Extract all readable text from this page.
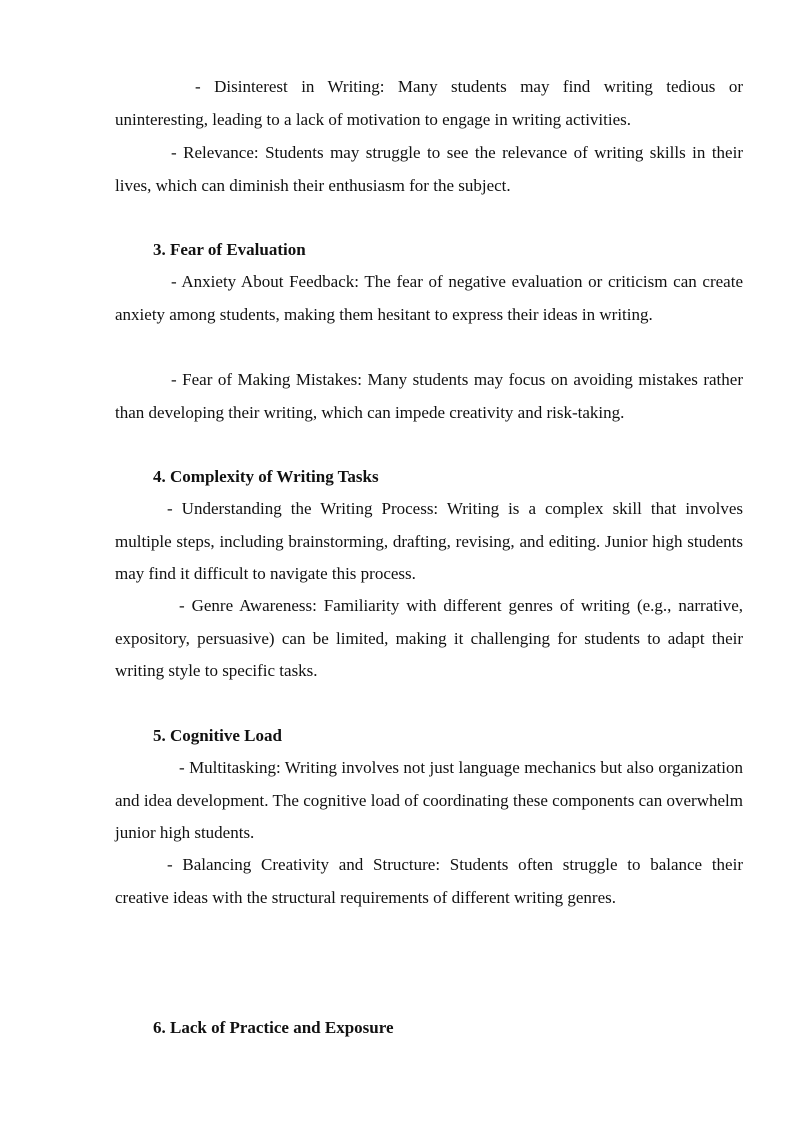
- Disinterest in Writing: Many students may find writing tedious or uninteresting, leading to a lack of motivation to engage in writing activities.

- Relevance: Students may struggle to see the relevance of writing skills in their lives, which can diminish their enthusiasm for the subject.

3. Fear of Evaluation

- Anxiety About Feedback: The fear of negative evaluation or criticism can create anxiety among students, making them hesitant to express their ideas in writing.

- Fear of Making Mistakes: Many students may focus on avoiding mistakes rather than developing their writing, which can impede creativity and risk-taking.

4. Complexity of Writing Tasks

- Understanding the Writing Process: Writing is a complex skill that involves multiple steps, including brainstorming, drafting, revising, and editing. Junior high students may find it difficult to navigate this process.

- Genre Awareness: Familiarity with different genres of writing (e.g., narrative, expository, persuasive) can be limited, making it challenging for students to adapt their writing style to specific tasks.

5. Cognitive Load

- Multitasking: Writing involves not just language mechanics but also organization and idea development. The cognitive load of coordinating these components can overwhelm junior high students.

- Balancing Creativity and Structure: Students often struggle to balance their creative ideas with the structural requirements of different writing genres.

6. Lack of Practice and Exposure
